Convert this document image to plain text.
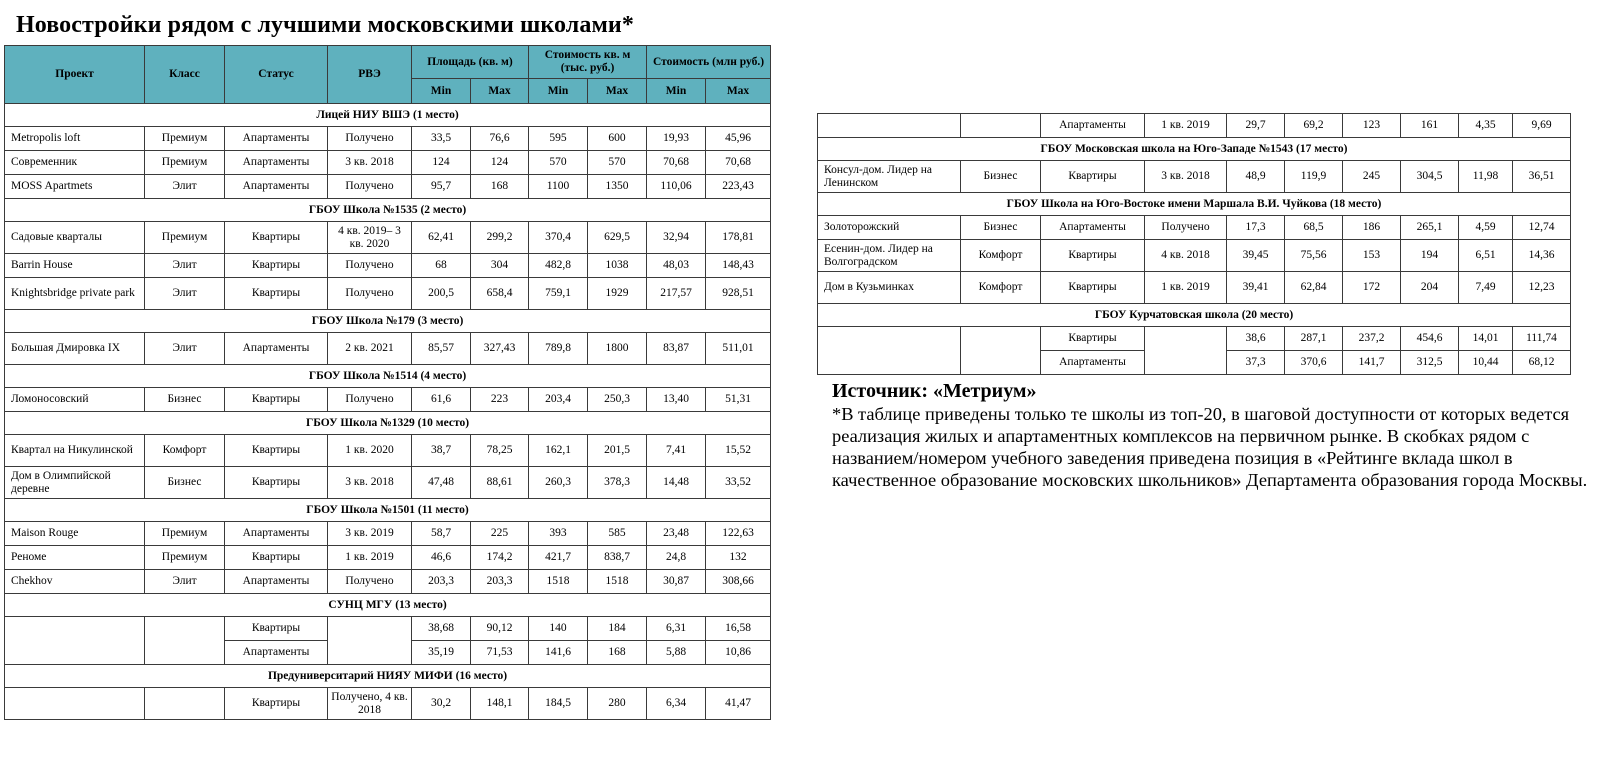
Новостройки рядом с лучшими московскими школами*
Проект	Класс	Статус	РВЭ	Площадь (кв. м)		Стоимость кв. м (тыс. руб.)		Стоимость (млн руб.)	
				Min	Max	Min	Max	Min	Max
Лицей НИУ ВШЭ (1 место)									
Metropolis loft	Премиум	Апартаменты	Получено	33,5	76,6	595	600	19,93	45,96
Современник	Премиум	Апартаменты	3 кв. 2018	124	124	570	570	70,68	70,68
MOSS Apartmets	Элит	Апартаменты	Получено	95,7	168	1100	1350	110,06	223,43
ГБОУ Школа №1535 (2 место)									
Садовые кварталы	Премиум	Квартиры	4 кв. 2019– 3 кв. 2020	62,41	299,2	370,4	629,5	32,94	178,81
Barrin House	Элит	Квартиры	Получено	68	304	482,8	1038	48,03	148,43
Knightsbridge private park	Элит	Квартиры	Получено	200,5	658,4	759,1	1929	217,57	928,51
ГБОУ Школа №179 (3 место)									
Большая Дмировка IX	Элит	Апартаменты	2 кв. 2021	85,57	327,43	789,8	1800	83,87	511,01
ГБОУ Школа №1514 (4 место)									
Ломоносовский	Бизнес	Квартиры	Получено	61,6	223	203,4	250,3	13,40	51,31
ГБОУ Школа №1329 (10 место)									
Квартал на Никулинской	Комфорт	Квартиры	1 кв. 2020	38,7	78,25	162,1	201,5	7,41	15,52
Дом в Олимпийской деревне	Бизнес	Квартиры	3 кв. 2018	47,48	88,61	260,3	378,3	14,48	33,52
ГБОУ Школа №1501 (11 место)									
Maison Rouge	Премиум	Апартаменты	3 кв. 2019	58,7	225	393	585	23,48	122,63
Реноме	Премиум	Квартиры	1 кв. 2019	46,6	174,2	421,7	838,7	24,8	132
Chekhov	Элит	Апартаменты	Получено	203,3	203,3	1518	1518	30,87	308,66
СУНЦ МГУ (13 место)									
		Квартиры		38,68	90,12	140	184	6,31	16,58
		Апартаменты		35,19	71,53	141,6	168	5,88	10,86
Предуниверситарий НИЯУ МИФИ (16 место)									
		Квартиры	Получено, 4 кв. 2018	30,2	148,1	184,5	280	6,34	41,47
		Апартаменты	1 кв. 2019	29,7	69,2	123	161	4,35	9,69
ГБОУ Московская школа на Юго-Западе №1543 (17 место)									
Консул-дом. Лидер на Ленинском	Бизнес	Квартиры	3 кв. 2018	48,9	119,9	245	304,5	11,98	36,51
ГБОУ Школа на Юго-Востоке имени Маршала В.И. Чуйкова (18 место)									
Золоторожский	Бизнес	Апартаменты	Получено	17,3	68,5	186	265,1	4,59	12,74
Есенин-дом. Лидер на Волгоградском	Комфорт	Квартиры	4 кв. 2018	39,45	75,56	153	194	6,51	14,36
Дом в Кузьминках	Комфорт	Квартиры	1 кв. 2019	39,41	62,84	172	204	7,49	12,23
ГБОУ Курчатовская школа (20 место)									
		Квартиры		38,6	287,1	237,2	454,6	14,01	111,74
		Апартаменты		37,3	370,6	141,7	312,5	10,44	68,12
Источник: «Метриум»
*В таблице приведены только те школы из топ-20, в шаговой доступности от которых ведется реализация жилых и апартаментных комплексов на первичном рынке. В скобках рядом с названием/номером учебного заведения приведена позиция в «Рейтинге вклада школ в качественное образование московских школьников» Департамента образования города Москвы.
